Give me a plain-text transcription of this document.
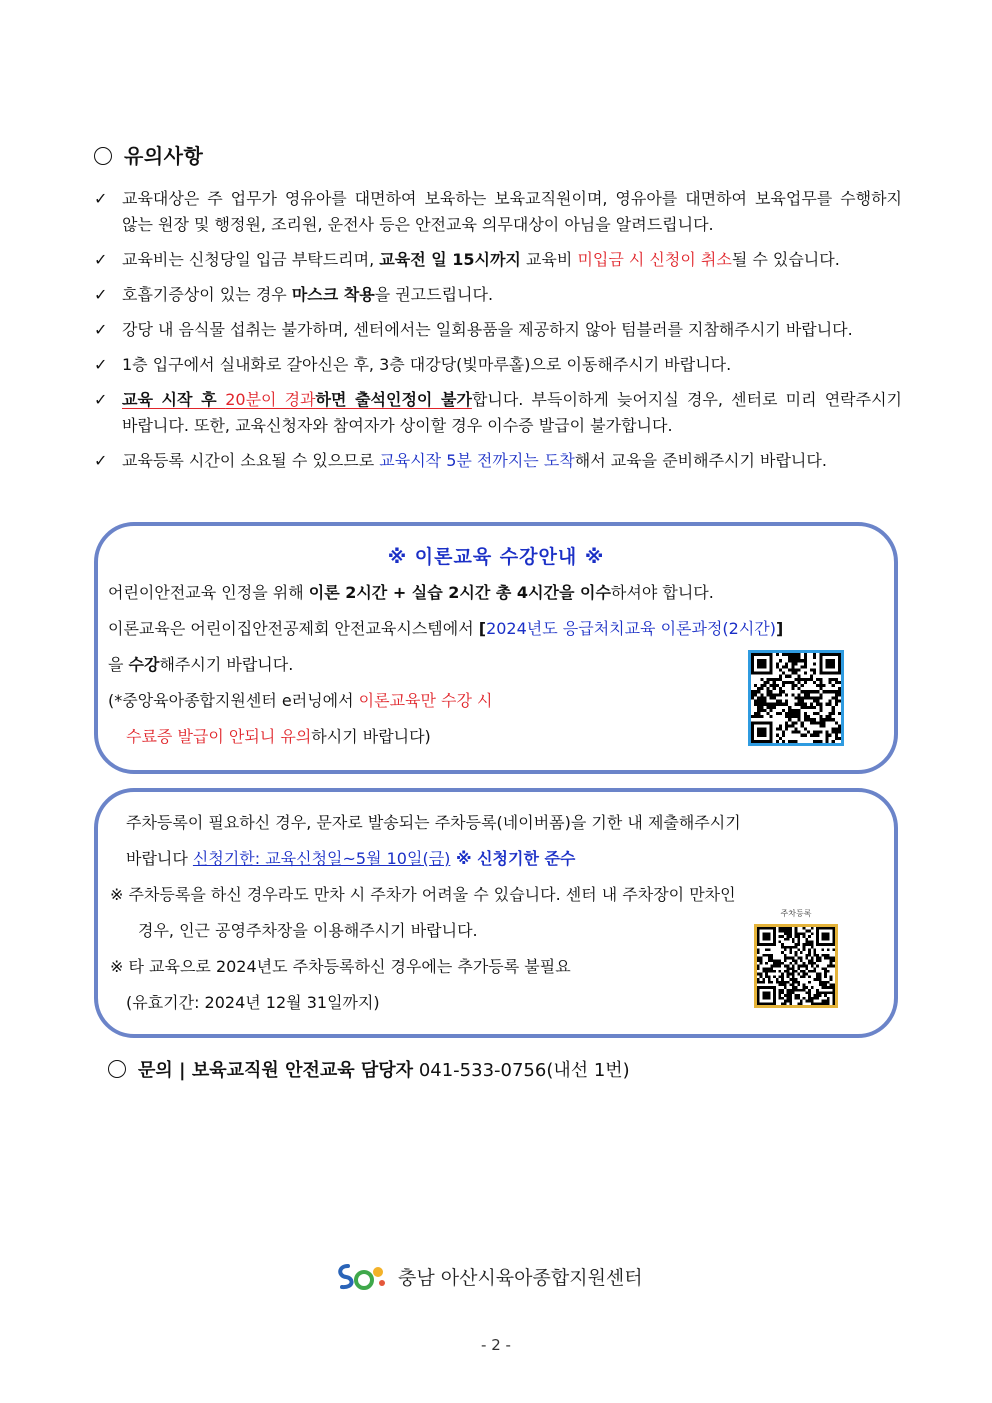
유의사항
✓ 교육대상은 주 업무가 영유아를 대면하여 보육하는 보육교직원이며, 영유아를 대면하여 보육업무를 수행하지 않는 원장 및 행정원, 조리원, 운전사 등은 안전교육 의무대상이 아님을 알려드립니다.
✓ 교육비는 신청당일 입금 부탁드리며, 교육전 일 15시까지 교육비 미입금 시 신청이 취소될 수 있습니다.
✓ 호흡기증상이 있는 경우 마스크 착용을 권고드립니다.
✓ 강당 내 음식물 섭취는 불가하며, 센터에서는 일회용품을 제공하지 않아 텀블러를 지참해주시기 바랍니다.
✓ 1층 입구에서 실내화로 갈아신은 후, 3층 대강당(빛마루홀)으로 이동해주시기 바랍니다.
✓ 교육 시작 후 20분이 경과하면 출석인정이 불가합니다. 부득이하게 늦어지실 경우, 센터로 미리 연락주시기 바랍니다. 또한, 교육신청자와 참여자가 상이할 경우 이수증 발급이 불가합니다.
✓ 교육등록 시간이 소요될 수 있으므로 교육시작 5분 전까지는 도착해서 교육을 준비해주시기 바랍니다.
※ 이론교육 수강안내 ※
어린이안전교육 인정을 위해 이론 2시간 + 실습 2시간 총 4시간을 이수하셔야 합니다.
이론교육은 어린이집안전공제회 안전교육시스템에서 [2024년도 응급처치교육 이론과정(2시간)]
을 수강해주시기 바랍니다.
(*중앙육아종합지원센터 e러닝에서 이론교육만 수강 시
수료증 발급이 안되니 유의하시기 바랍니다)
주차등록이 필요하신 경우, 문자로 발송되는 주차등록(네이버폼)을 기한 내 제출해주시기
바랍니다 신청기한: 교육신청일~5월 10일(금) ※ 신청기한 준수
※ 주차등록을 하신 경우라도 만차 시 주차가 어려울 수 있습니다. 센터 내 주차장이 만차인
경우, 인근 공영주차장을 이용해주시기 바랍니다.
※ 타 교육으로 2024년도 주차등록하신 경우에는 추가등록 불필요
(유효기간: 2024년 12월 31일까지)
주차등록
문의 | 보육교직원 안전교육 담당자 041-533-0756(내선 1번)
충남 아산시육아종합지원센터
- 2 -
